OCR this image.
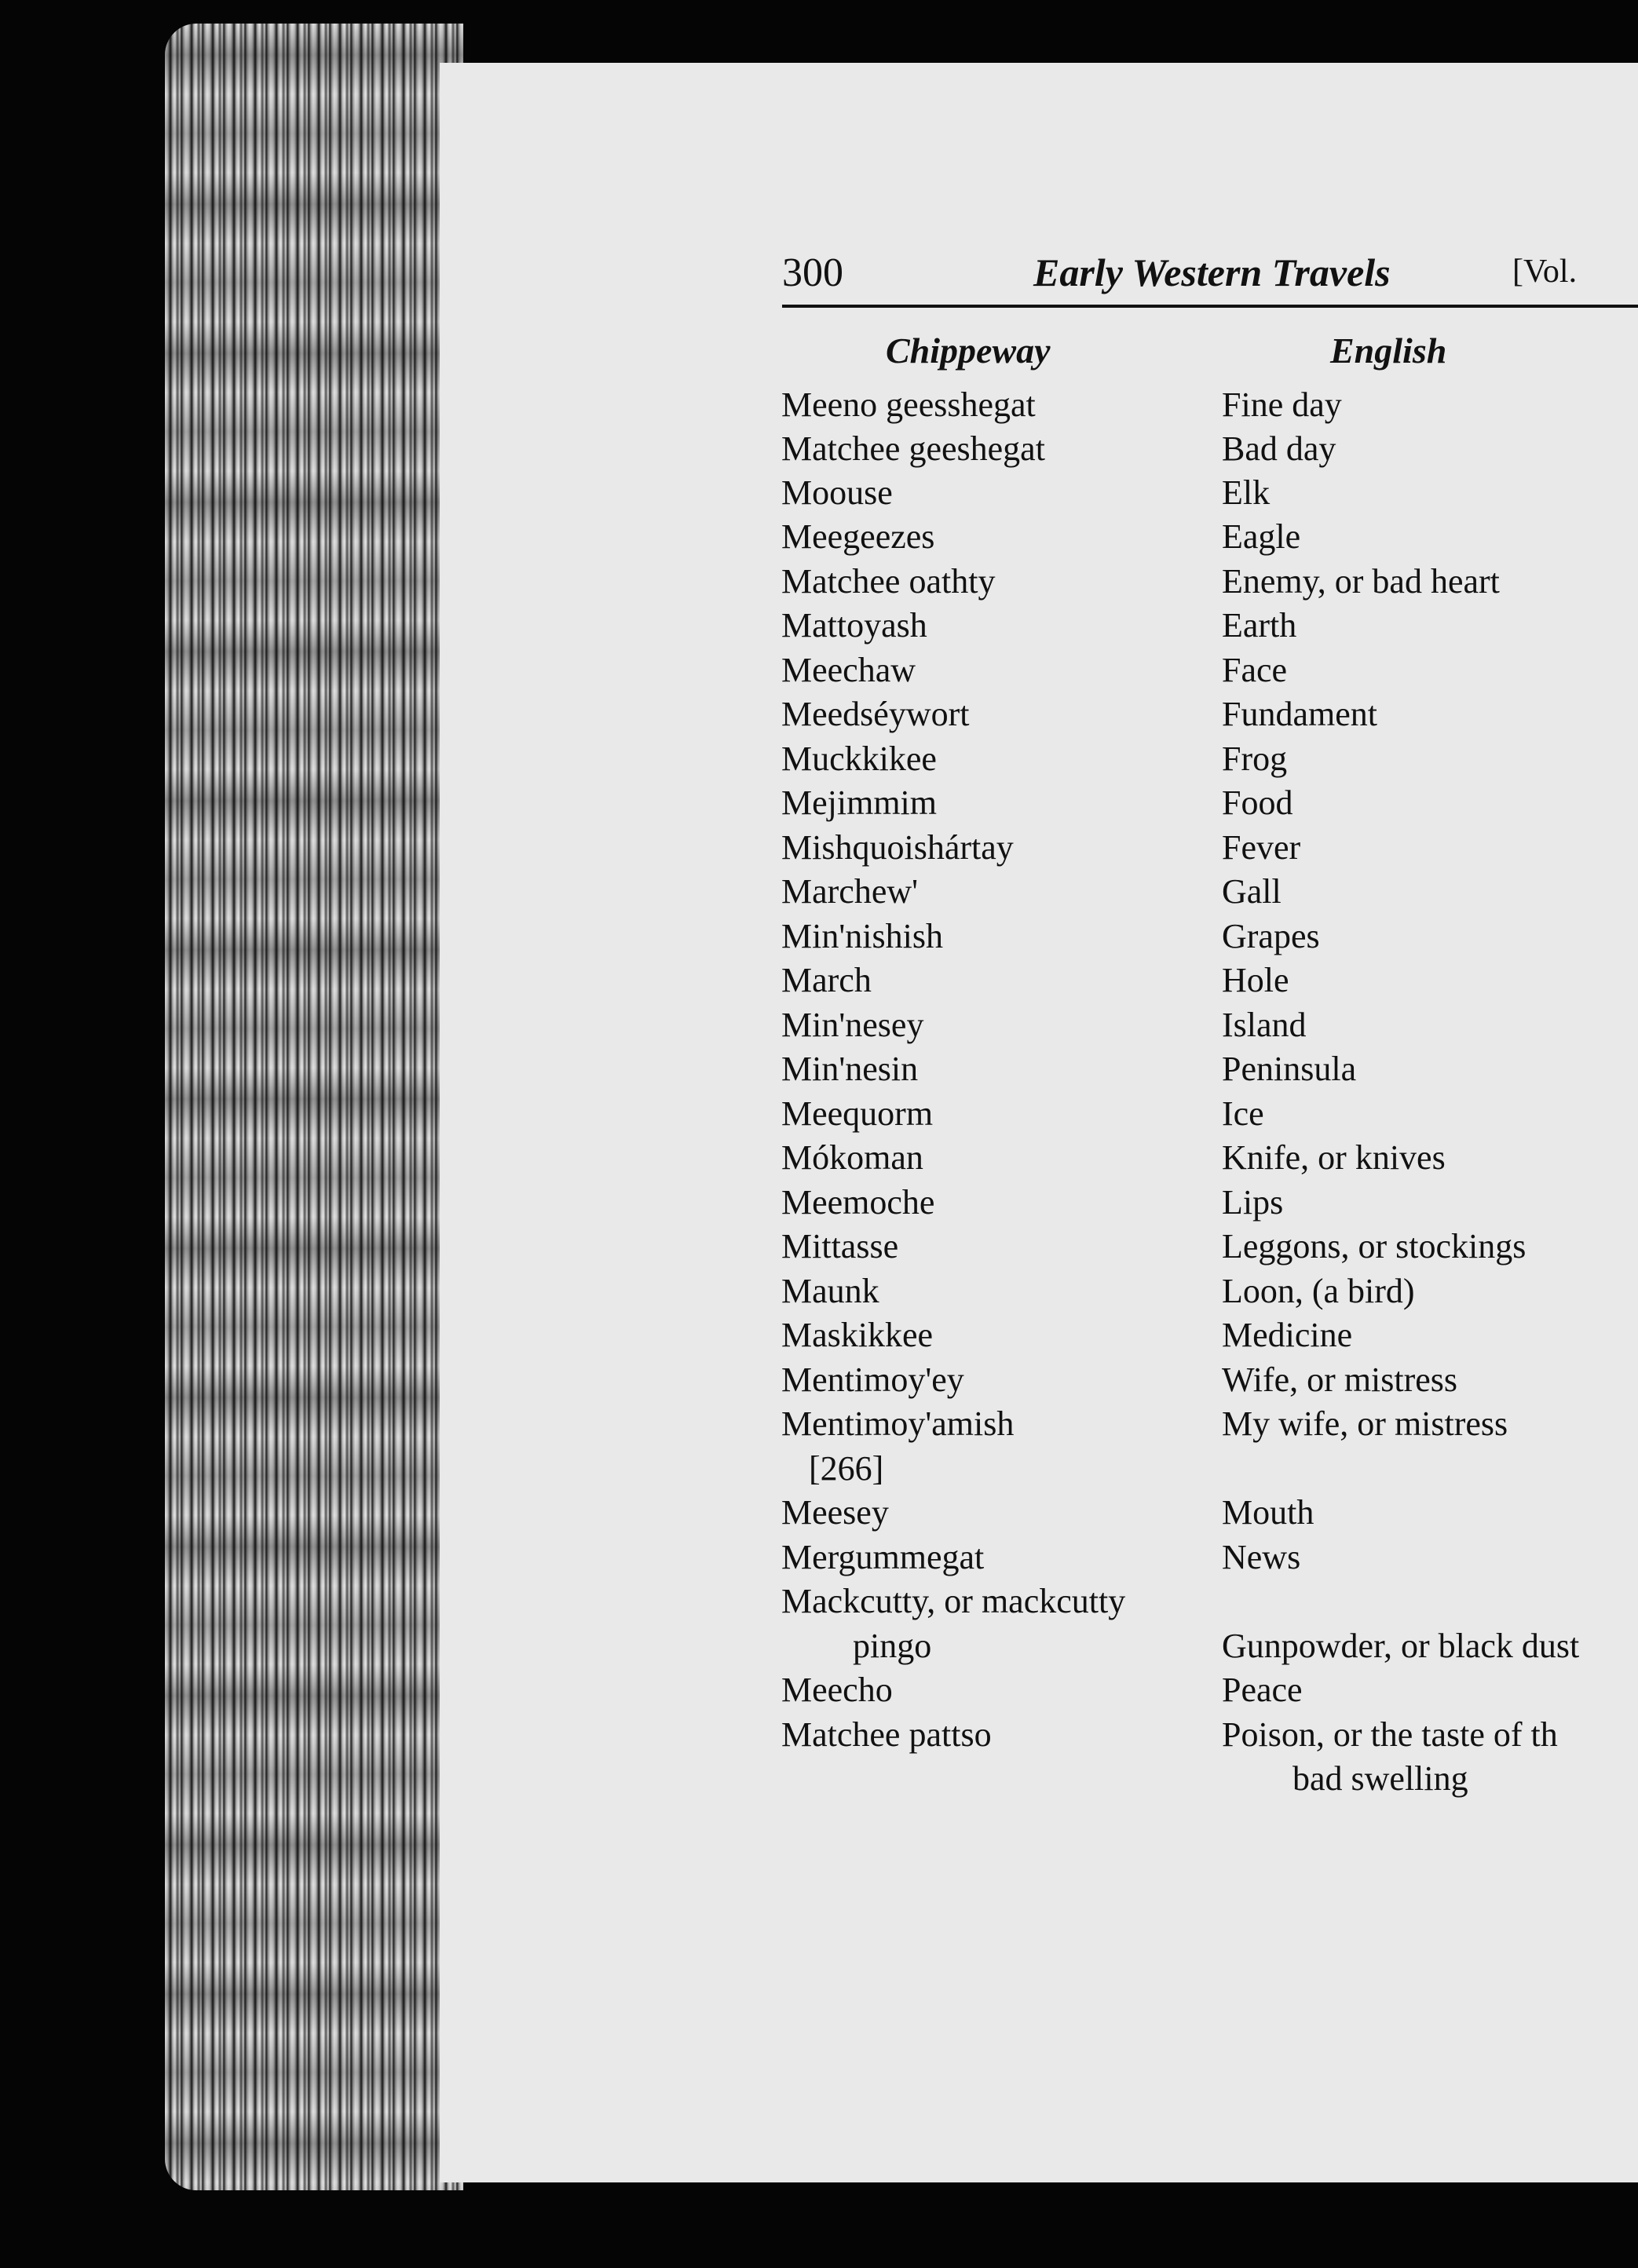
300	Early Western Travels	[Vol.
Chippeway	English
Meeno geesshegat	Fine day
Matchee geeshegat	Bad day
Moouse	Elk
Meegeezes	Eagle
Matchee oathty	Enemy, or bad heart
Mattoyash	Earth
Meechaw	Face
Meedséywort	Fundament
Muckkikee	Frog
Mejimmim	Food
Mishquoishártay	Fever
Marchew'	Gall
Min'nishish	Grapes
March	Hole
Min'nesey	Island
Min'nesin	Peninsula
Meequorm	Ice
Mókoman	Knife, or knives
Meemoche	Lips
Mittasse	Leggons, or stockings
Maunk	Loon, (a bird)
Maskikkee	Medicine
Mentimoy'ey	Wife, or mistress
Mentimoy'amish	My wife, or mistress
[266]
Meesey	Mouth
Mergummegat	News
Mackcutty, or mackcutty
pingo	Gunpowder, or black dust
Meecho	Peace
Matchee pattso	Poison, or the taste of th
bad swelling
